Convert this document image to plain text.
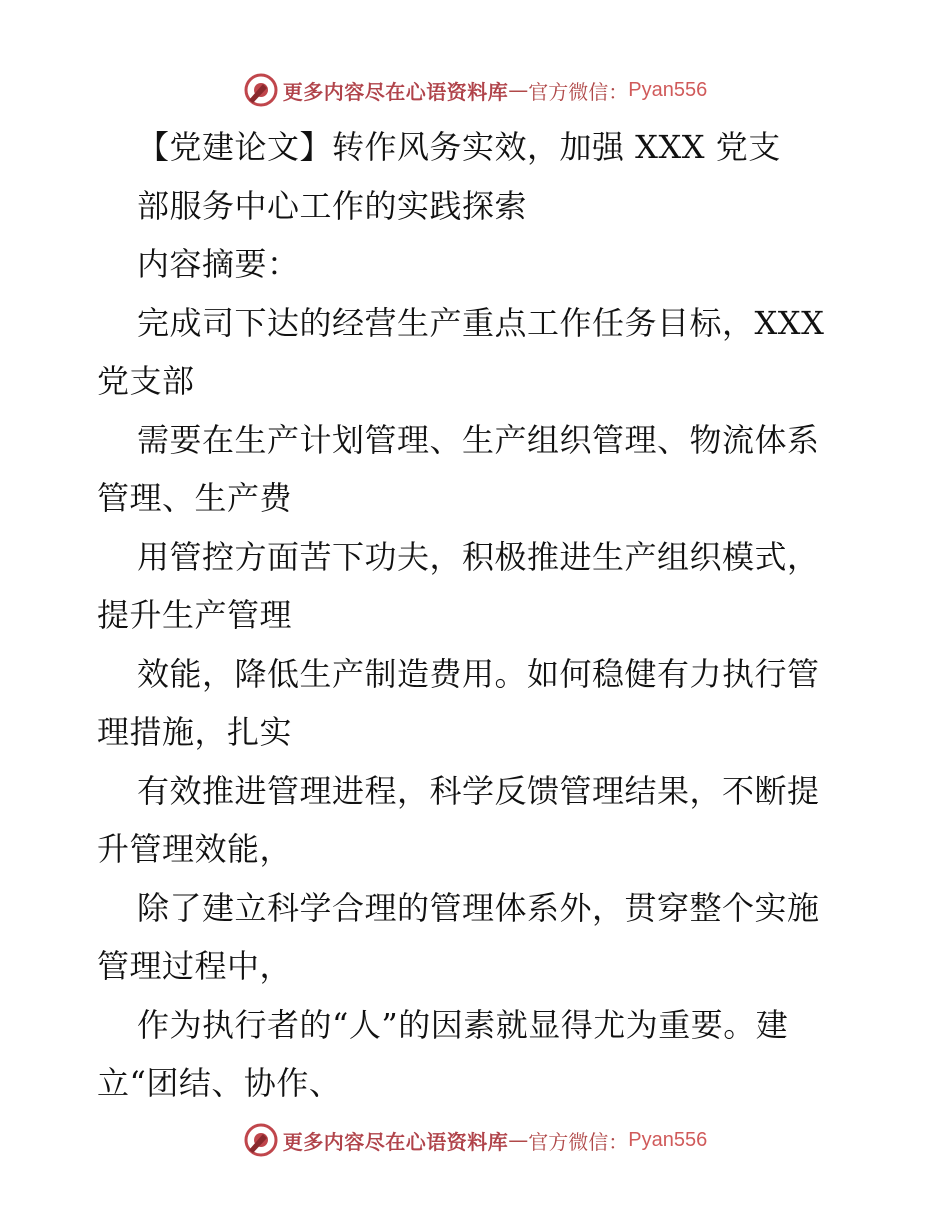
更多内容尽在心语资料库 — 官方微信： Pyan556
【党建论文】转作风务实效，加强 XXX 党支
部服务中心工作的实践探索
内容摘要：
完成司下达的经营生产重点工作任务目标，XXX
党支部
需要在生产计划管理、生产组织管理、物流体系
管理、生产费
用管控方面苦下功夫，积极推进生产组织模式，
提升生产管理
效能，降低生产制造费用。如何稳健有力执行管
理措施，扎实
有效推进管理进程，科学反馈管理结果，不断提
升管理效能，
除了建立科学合理的管理体系外，贯穿整个实施
管理过程中，
作为执行者的“人”的因素就显得尤为重要。建
立“团结、协作、
更多内容尽在心语资料库 — 官方微信： Pyan556
